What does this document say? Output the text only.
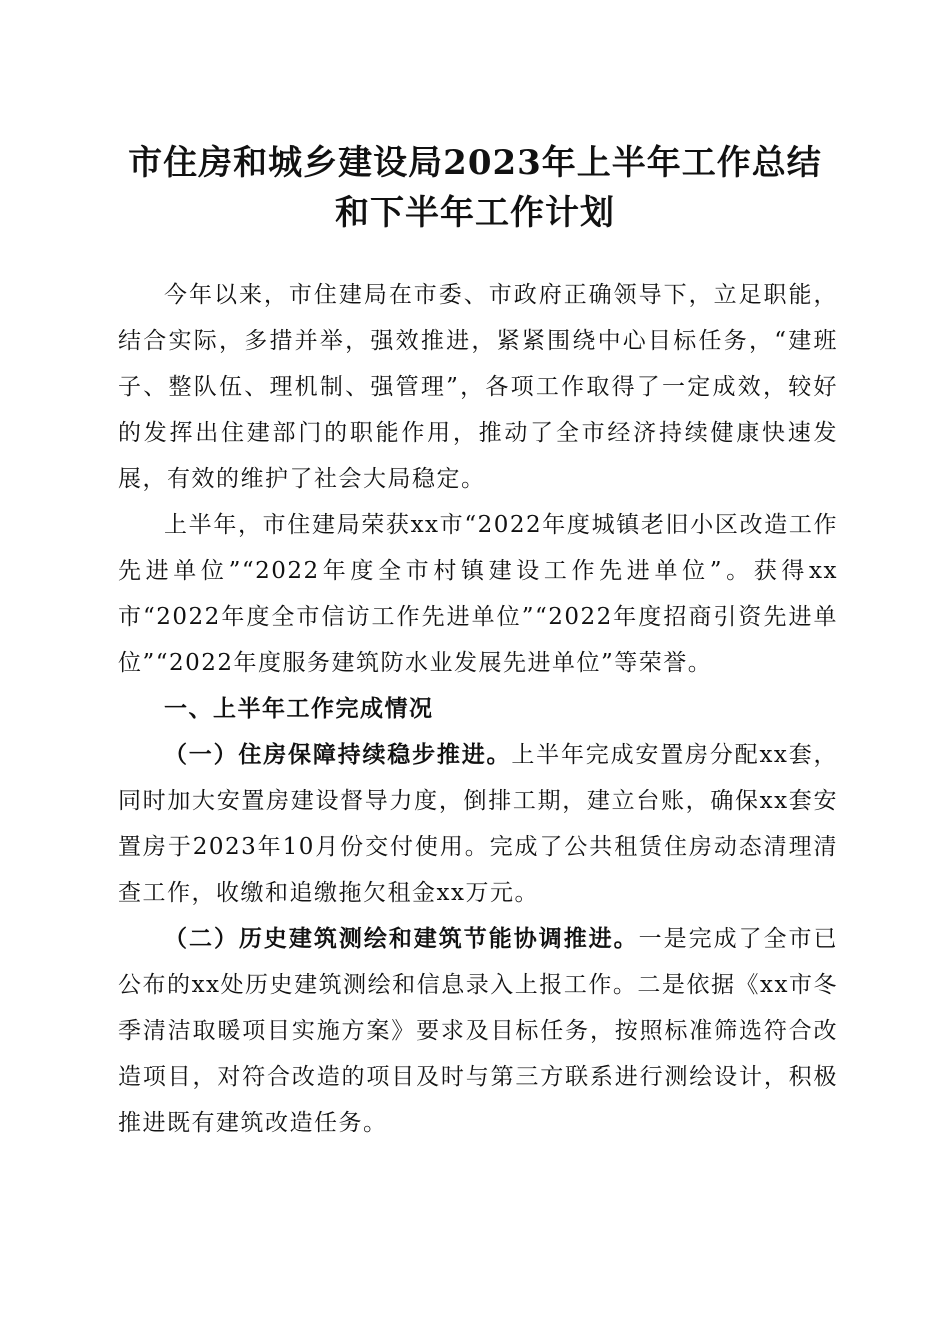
市住房和城乡建设局2023年上半年工作总结
和下半年工作计划

今年以来，市住建局在市委、市政府正确领导下，立足职能，结合实际，多措并举，强效推进，紧紧围绕中心目标任务，“建班子、整队伍、理机制、强管理”，各项工作取得了一定成效，较好的发挥出住建部门的职能作用，推动了全市经济持续健康快速发展，有效的维护了社会大局稳定。

上半年，市住建局荣获xx市“2022年度城镇老旧小区改造工作先进单位”“2022年度全市村镇建设工作先进单位”。获得xx市“2022年度全市信访工作先进单位”“2022年度招商引资先进单位”“2022年度服务建筑防水业发展先进单位”等荣誉。

一、上半年工作完成情况

（一）住房保障持续稳步推进。上半年完成安置房分配xx套，同时加大安置房建设督导力度，倒排工期，建立台账，确保xx套安置房于2023年10月份交付使用。完成了公共租赁住房动态清理清查工作，收缴和追缴拖欠租金xx万元。

（二）历史建筑测绘和建筑节能协调推进。一是完成了全市已公布的xx处历史建筑测绘和信息录入上报工作。二是依据《xx市冬季清洁取暖项目实施方案》要求及目标任务，按照标准筛选符合改造项目，对符合改造的项目及时与第三方联系进行测绘设计，积极推进既有建筑改造任务。
